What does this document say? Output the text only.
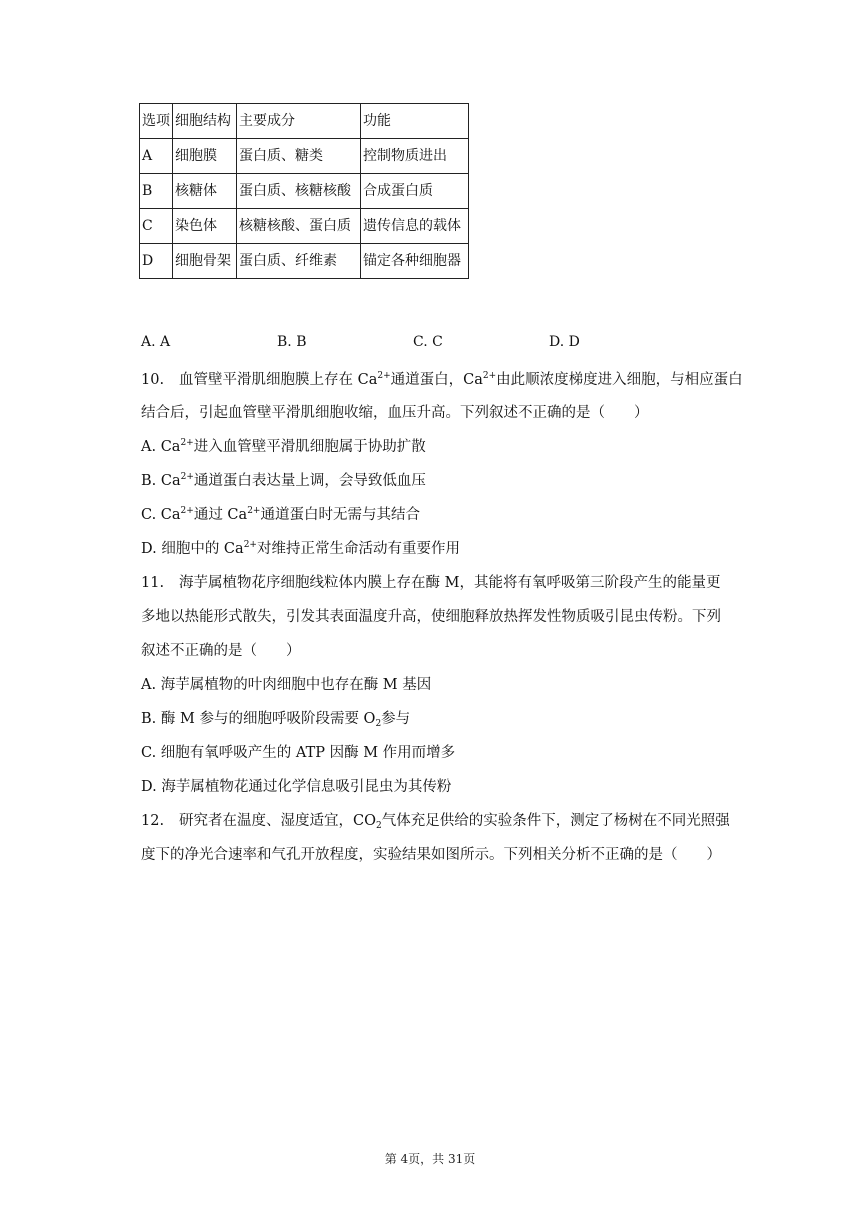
选项	细胞结构	主要成分	功能
A	细胞膜	蛋白质、糖类	控制物质进出
B	核糖体	蛋白质、核糖核酸	合成蛋白质
C	染色体	核糖核酸、蛋白质	遗传信息的载体
D	细胞骨架	蛋白质、纤维素	锚定各种细胞器
A. A	B. B	C. C	D. D
10. 血管壁平滑肌细胞膜上存在 $Ca^{2+}$通道蛋白，$Ca^{2+}$由此顺浓度梯度进入细胞，与相应蛋白
结合后，引起血管壁平滑肌细胞收缩，血压升高。下列叙述不正确的是（　　）
A. $Ca^{2+}$进入血管壁平滑肌细胞属于协助扩散
B. $Ca^{2+}$通道蛋白表达量上调，会导致低血压
C. $Ca^{2+}$通过 $Ca^{2+}$通道蛋白时无需与其结合
D. 细胞中的 $Ca^{2+}$对维持正常生命活动有重要作用
11. 海芋属植物花序细胞线粒体内膜上存在酶 M，其能将有氧呼吸第三阶段产生的能量更
多地以热能形式散失，引发其表面温度升高，使细胞释放热挥发性物质吸引昆虫传粉。下列
叙述不正确的是（　　）
A. 海芋属植物的叶肉细胞中也存在酶 M 基因
B. 酶 M 参与的细胞呼吸阶段需要 $O_2$参与
C. 细胞有氧呼吸产生的 ATP 因酶 M 作用而增多
D. 海芋属植物花通过化学信息吸引昆虫为其传粉
12. 研究者在温度、湿度适宜，$CO_2$气体充足供给的实验条件下，测定了杨树在不同光照强
度下的净光合速率和气孔开放程度，实验结果如图所示。下列相关分析不正确的是（　　）
第 4页，共 31页
